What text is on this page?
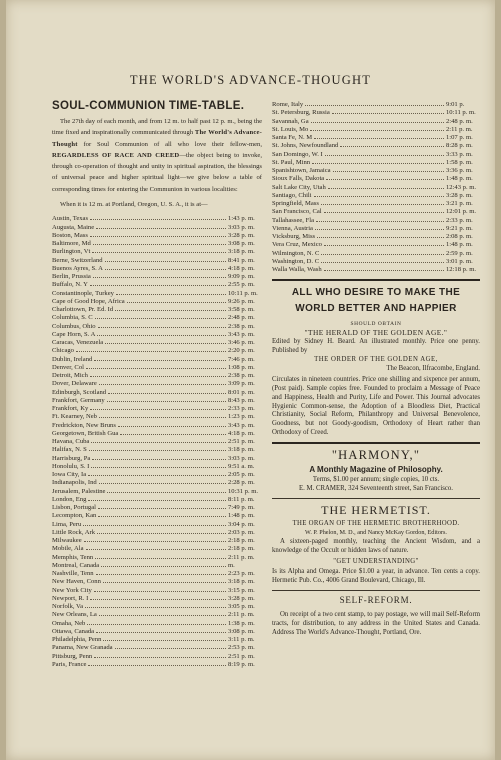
THE WORLD'S ADVANCE-THOUGHT
SOUL-COMMUNION TIME-TABLE.

The 27th day of each month, and from 12 m. to half past 12 p. m., being the time fixed and inspirationally communicated through The World's Advance-Thought for Soul Communion of all who love their fellow-men, REGARDLESS OF RACE AND CREED—the object being to invoke, through co-operation of thought and unity in spiritual aspiration, the blessings of universal peace and higher spiritual light—we give below a table of corresponding times for entering the Communion in various localities:

When it is 12 m. at Portland, Oregon, U. S. A., it is at—

Austin, Texas	1:43 p. m.
Augusta, Maine	3:03 p. m.
Boston, Mass	3:28 p. m.
Baltimore, Md	3:08 p. m.
Burlington, Vt	3:18 p. m.
Berne, Switzerland	8:41 p. m.
Buenos Ayres, S. A	4:18 p. m.
Berlin, Prussia	9:09 p. m.
Buffalo, N. Y	2:55 p. m.
Constantinople, Turkey	10:11 p. m.
Cape of Good Hope, Africa	9:26 p. m.
Charlottown, Pr. Ed. Id	3:58 p. m.
Columbia, S. C	2:48 p. m.
Columbus, Ohio	2:38 p. m.
Cape Horn, S. A	3:43 p. m.
Caracas, Venezuela	3:46 p. m.
Chicago	2:20 p. m.
Dublin, Ireland	7:46 p. m.
Denver, Col	1:08 p. m.
Detroit, Mich	2:38 p. m.
Dover, Delaware	3:09 p. m.
Edinburgh, Scotland	8:01 p. m.
Frankfort, Germany	8:43 p. m.
Frankfort, Ky	2:33 p. m.
Ft. Kearney, Neb	1:23 p. m.
Fredrickton, New Bruns	3:43 p. m.
Georgetown, British Gua	4:18 p. m.
Havana, Cuba	2:51 p. m.
Halifax, N. S	3:18 p. m.
Harrisburg, Pa	3:03 p. m.
Honolulu, S. I	9:51 a. m.
Iowa City, Ia	2:05 p. m.
Indianapolis, Ind	2:28 p. m.
Jerusalem, Palestine	10:31 p. m.
London, Eng	8:11 p. m.
Lisbon, Portugal	7:49 p. m.
Lecompton, Kan	1:48 p. m.
Lima, Peru	3:04 p. m.
Little Rock, Ark	2:03 p. m.
Milwaukee	2:18 p. m.
Mobile, Ala	2:18 p. m.
Memphis, Tenn	2:11 p. m.
Montreal, Canada	m.
Nashville, Tenn	2:23 p. m.
New Haven, Conn	3:18 p. m.
New York City	3:15 p. m.
Newport, R. I	3:28 p. m.
Norfolk, Va	3:05 p. m.
New Orleans, La	2:11 p. m.
Omaha, Neb	1:38 p. m.
Ottawa, Canada	3:08 p. m.
Philadelphia, Penn	3:11 p. m.
Panama, New Granada	2:53 p. m.
Pittsburg, Penn	2:51 p. m.
Paris, France	8:19 p. m.
Rome, Italy	9:01 p.
St. Petersburg, Russia	10:11 p. m.
Savannah, Ga	2:48 p. m.
St. Louis, Mo	2:11 p. m.
Santa Fe, N. M	1:07 p. m.
St. Johns, Newfoundland	8:28 p. m.
San Domingo, W. I	3:33 p. m.
St. Paul, Minn	1:58 p. m.
Spanishtown, Jamaica	3:36 p. m.
Sioux Falls, Dakota	1:48 p. m.
Salt Lake City, Utah	12:43 p. m.
Santiago, Chili	3:28 p. m.
Springfield, Mass	3:21 p. m.
San Francisco, Cal	12:01 p. m.
Tallahassee, Fla	2:33 p. m.
Vienna, Austria	9:21 p. m.
Vicksburg, Miss	2:08 p. m.
Vera Cruz, Mexico	1:48 p. m.
Wilmington, N. C	2:59 p. m.
Washington, D. C	3:01 p. m.
Walla Walla, Wash	12:18 p. m.
ALL WHO DESIRE TO MAKE THE
WORLD BETTER AND HAPPIER
SHOULD OBTAIN

"THE HERALD OF THE GOLDEN AGE."

Edited by Sidney H. Beard. An illustrated monthly. Price one penny. Published by

THE ORDER OF THE GOLDEN AGE,

The Beacon, Ilfracombe, England.

Circulates in nineteen countries. Price one shilling and sixpence per annum, (Post paid). Sample copies free. Founded to proclaim a Message of Peace and Happiness, Health and Purity, Life and Power. This Journal advocates Hygienic Common-sense, the Adoption of a Bloodless Diet, Practical Christianity, Social Reform, Philanthropy and Universal Benevolence, Goodness, but not Goody-goodism, Orthodoxy of Heart rather than Orthodoxy of Creed.

"HARMONY,"
A Monthly Magazine of Philosophy.

Terms, $1.00 per annum; single copies, 10 cts.

E. M. CRAMER, 324 Seventeenth street, San Francisco.

THE HERMETIST.

THE ORGAN OF THE HERMETIC BROTHERHOOD.

W. P. Phelon, M. D., and Nancy McKay Gordon, Editors.

A sixteen-paged monthly, teaching the Ancient Wisdom, and a knowledge of the Occult or hidden laws of nature.

"GET UNDERSTANDING"

Is its Alpha and Omega. Price $1.00 a year, in advance. Ten cents a copy. Hermetic Pub. Co., 4006 Grand Boulevard, Chicago, Ill.

SELF-REFORM.

On receipt of a two cent stamp, to pay postage, we will mail Self-Reform tracts, for distribution, to any address in the United States and Canada. Address The World's Advance-Thought, Portland, Ore.
